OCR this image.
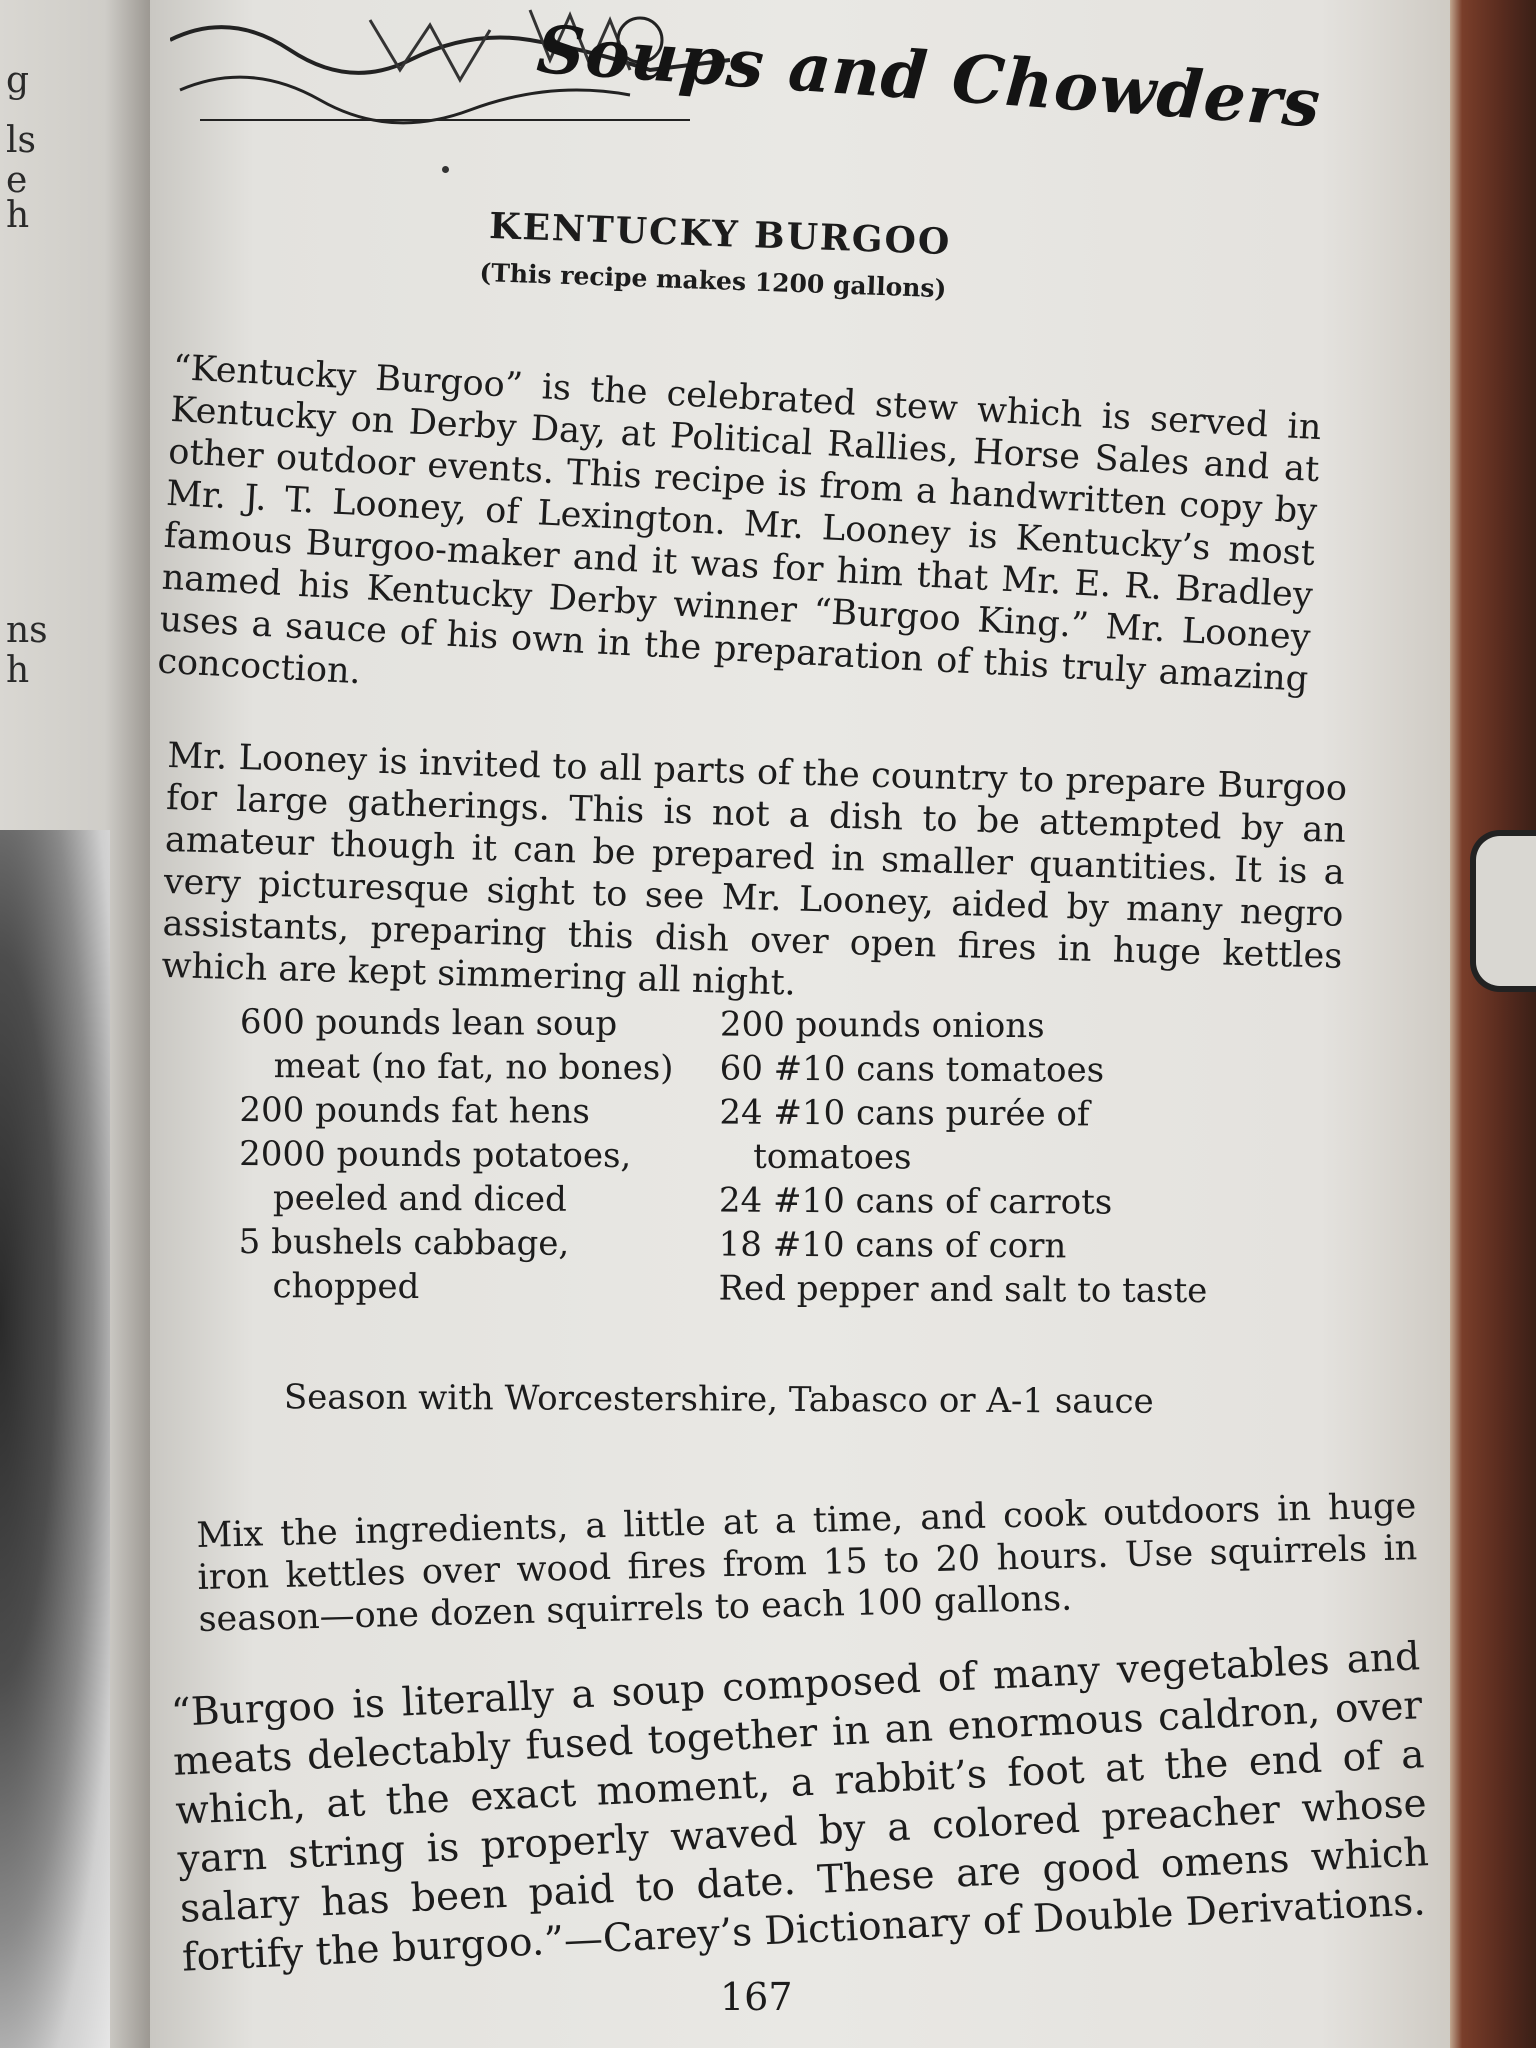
g
ls
e
h
ns
h
Soups and Chowders
KENTUCKY BURGOO
(This recipe makes 1200 gallons)

“Kentucky Burgoo” is the celebrated stew which is served in Kentucky on Derby Day, at Political Rallies, Horse Sales and at other outdoor events. This recipe is from a handwritten copy by Mr. J. T. Looney, of Lexington. Mr. Looney is Kentucky’s most famous Burgoo-maker and it was for him that Mr. E. R. Bradley named his Kentucky Derby winner “Burgoo King.” Mr. Looney uses a sauce of his own in the preparation of this truly amazing concoction.

Mr. Looney is invited to all parts of the country to prepare Burgoo for large gatherings. This is not a dish to be attempted by an amateur though it can be prepared in smaller quantities. It is a very picturesque sight to see Mr. Looney, aided by many negro assistants, preparing this dish over open fires in huge kettles which are kept simmering all night.

600 pounds lean soup meat (no fat, no bones)

200 pounds fat hens

2000 pounds potatoes, peeled and diced

5 bushels cabbage, chopped

200 pounds onions

60 #10 cans tomatoes

24 #10 cans purée of tomatoes

24 #10 cans of carrots

18 #10 cans of corn

Red pepper and salt to taste

Season with Worcestershire, Tabasco or A-1 sauce

Mix the ingredients, a little at a time, and cook outdoors in huge iron kettles over wood fires from 15 to 20 hours. Use squirrels in season—one dozen squirrels to each 100 gallons.

“Burgoo is literally a soup composed of many vegetables and meats delectably fused together in an enormous caldron, over which, at the exact moment, a rabbit’s foot at the end of a yarn string is properly waved by a colored preacher whose salary has been paid to date. These are good omens which fortify the burgoo.”—Carey’s Dictionary of Double Derivations.

167
